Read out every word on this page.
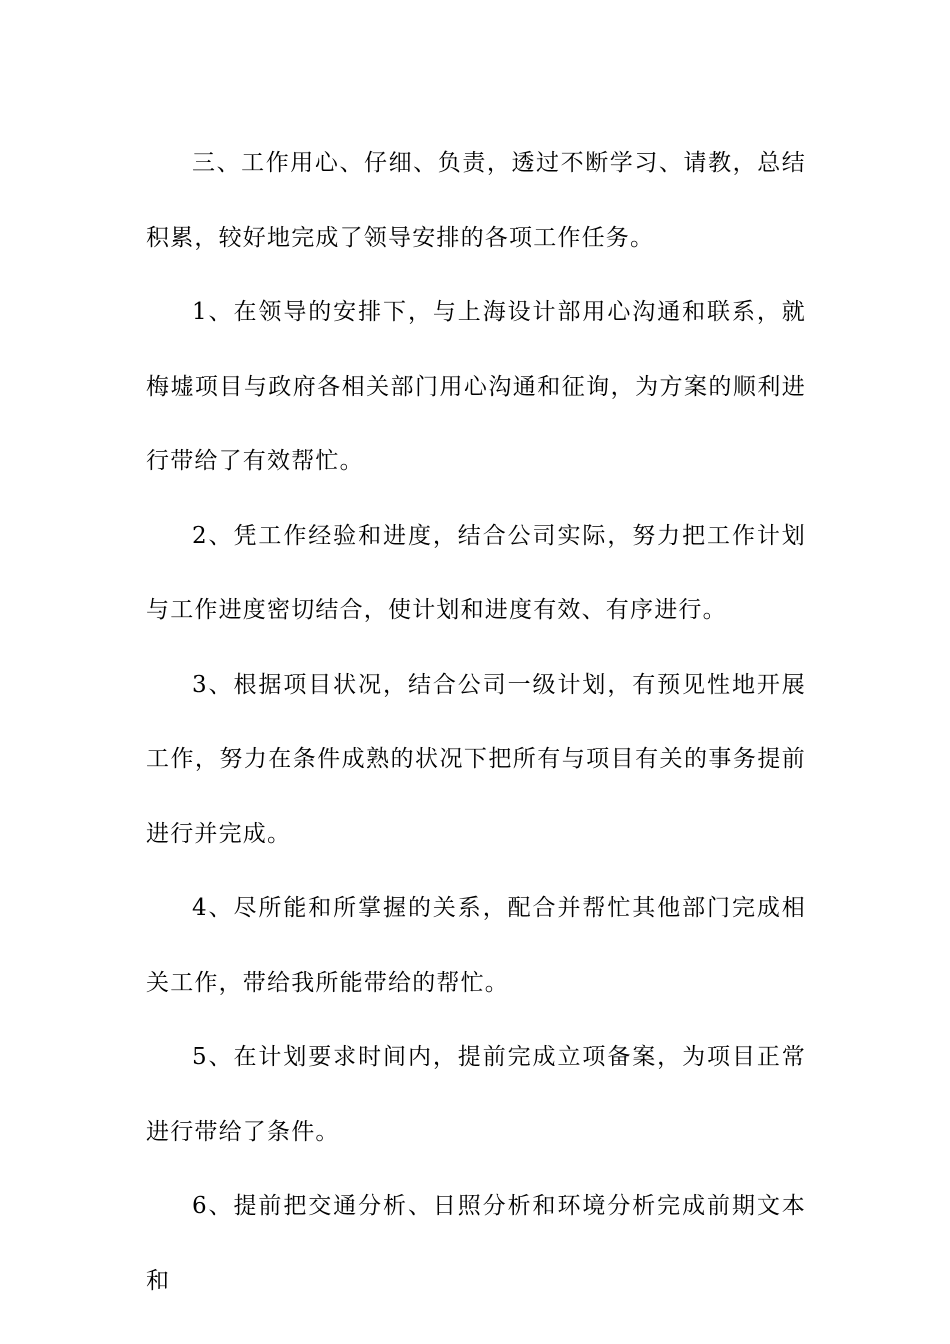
三、工作用心、仔细、负责，透过不断学习、请教，总结积累，较好地完成了领导安排的各项工作任务。

1、在领导的安排下，与上海设计部用心沟通和联系，就梅墟项目与政府各相关部门用心沟通和征询，为方案的顺利进行带给了有效帮忙。

2、凭工作经验和进度，结合公司实际，努力把工作计划与工作进度密切结合，使计划和进度有效、有序进行。

3、根据项目状况，结合公司一级计划，有预见性地开展工作，努力在条件成熟的状况下把所有与项目有关的事务提前进行并完成。

4、尽所能和所掌握的关系，配合并帮忙其他部门完成相关工作，带给我所能带给的帮忙。

5、在计划要求时间内，提前完成立项备案，为项目正常进行带给了条件。

6、提前把交通分析、日照分析和环境分析完成前期文本和
